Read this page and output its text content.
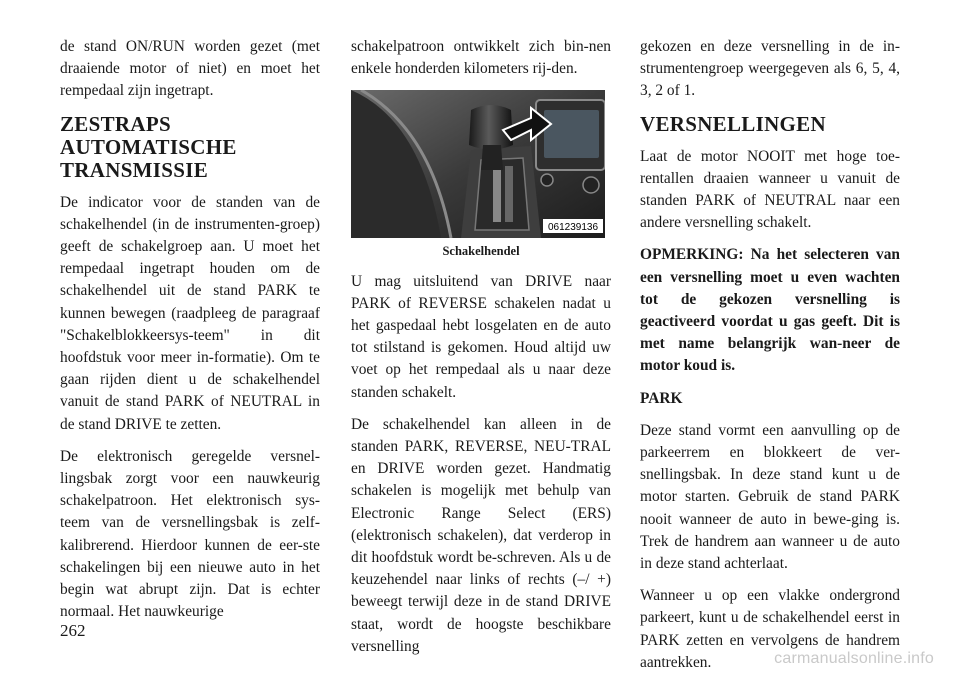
de stand ON/RUN worden gezet (met draaiende motor of niet) en moet het rempedaal zijn ingetrapt.

ZESTRAPS AUTOMATISCHE TRANSMISSIE

De indicator voor de standen van de schakelhendel (in de instrumenten-groep) geeft de schakelgroep aan. U moet het rempedaal ingetrapt houden om de schakelhendel uit de stand PARK te kunnen bewegen (raadpleeg de paragraaf "Schakelblokkeersys-teem" in dit hoofdstuk voor meer in-formatie). Om te gaan rijden dient u de schakelhendel vanuit de stand PARK of NEUTRAL in de stand DRIVE te zetten.

De elektronisch geregelde versnel-lingsbak zorgt voor een nauwkeurig schakelpatroon. Het elektronisch sys-teem van de versnellingsbak is zelf-kalibrerend. Hierdoor kunnen de eer-ste schakelingen bij een nieuwe auto in het begin wat abrupt zijn. Dat is echter normaal. Het nauwkeurige

schakelpatroon ontwikkelt zich bin-nen enkele honderden kilometers rij-den.

061239136
Schakelhendel

U mag uitsluitend van DRIVE naar PARK of REVERSE schakelen nadat u het gaspedaal hebt losgelaten en de auto tot stilstand is gekomen. Houd altijd uw voet op het rempedaal als u naar deze standen schakelt.

De schakelhendel kan alleen in de standen PARK, REVERSE, NEU-TRAL en DRIVE worden gezet. Handmatig schakelen is mogelijk met behulp van Electronic Range Select (ERS) (elektronisch schakelen), dat verderop in dit hoofdstuk wordt be-schreven. Als u de keuzehendel naar links of rechts (–/ +) beweegt terwijl deze in de stand DRIVE staat, wordt de hoogste beschikbare versnelling

gekozen en deze versnelling in de in-strumentengroep weergegeven als 6, 5, 4, 3, 2 of 1.

VERSNELLINGEN

Laat de motor NOOIT met hoge toe-rentallen draaien wanneer u vanuit de standen PARK of NEUTRAL naar een andere versnelling schakelt.

OPMERKING: Na het selecteren van een versnelling moet u even wachten tot de gekozen versnelling is geactiveerd voordat u gas geeft. Dit is met name belangrijk wan-neer de motor koud is.

PARK

Deze stand vormt een aanvulling op de parkeerrem en blokkeert de ver-snellingsbak. In deze stand kunt u de motor starten. Gebruik de stand PARK nooit wanneer de auto in bewe-ging is. Trek de handrem aan wanneer u de auto in deze stand achterlaat.

Wanneer u op een vlakke ondergrond parkeert, kunt u de schakelhendel eerst in PARK zetten en vervolgens de handrem aantrekken.

262
carmanualsonline.info
